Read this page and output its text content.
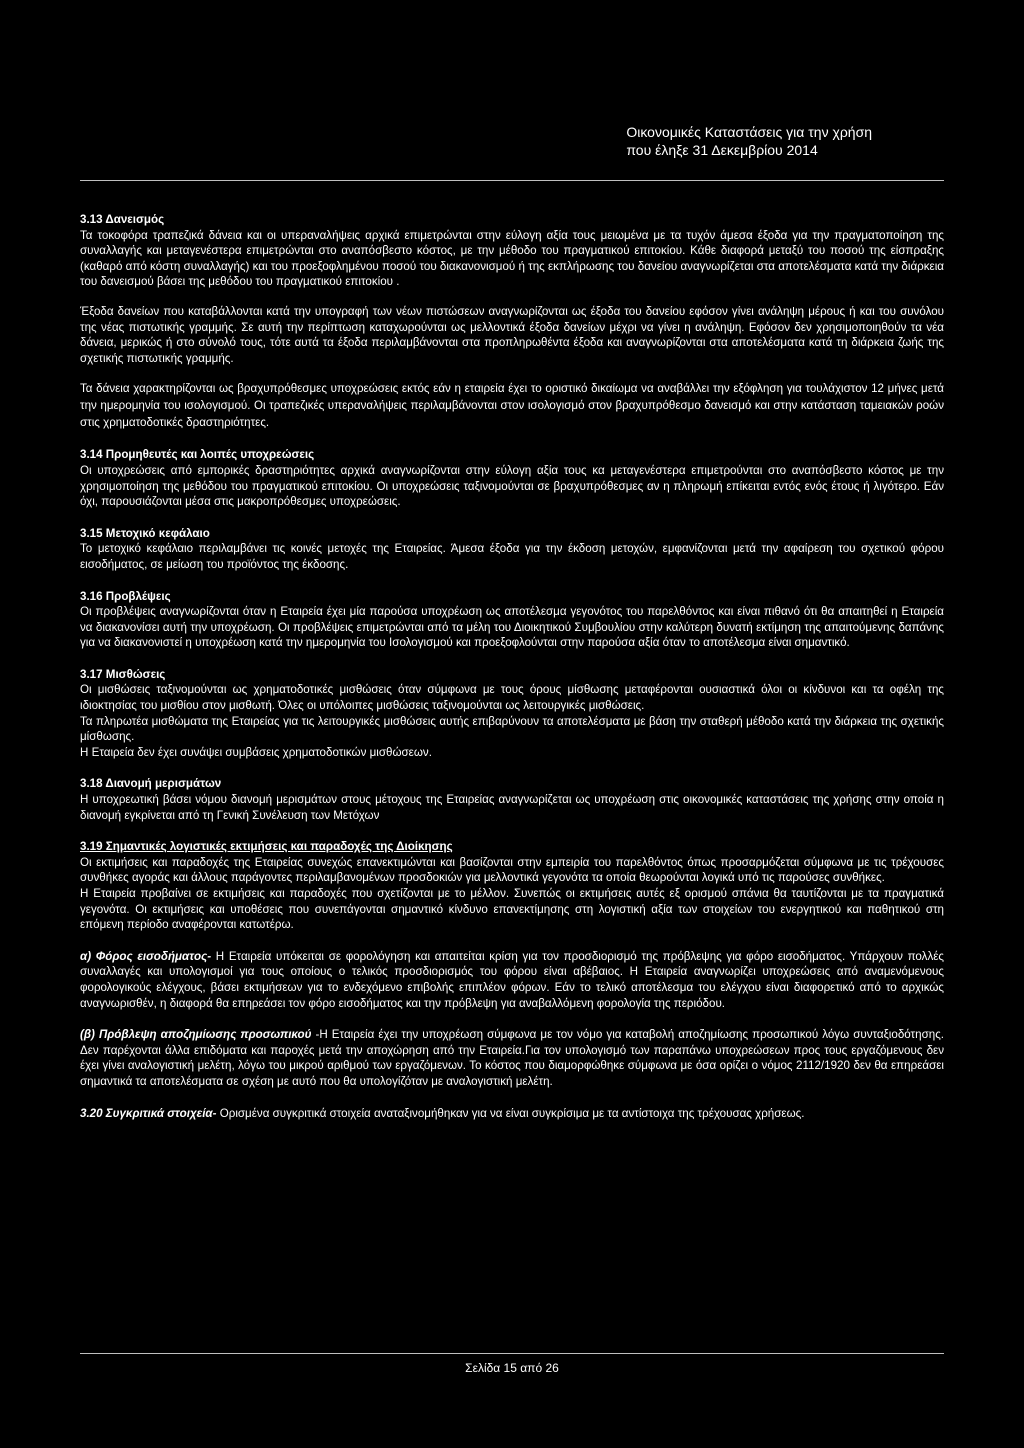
Οικονομικές Καταστάσεις για την χρήση
που έληξε 31 Δεκεμβρίου 2014

3.13 Δανεισμός

Τα τοκοφόρα τραπεζικά δάνεια και οι υπεραναλήψεις αρχικά επιμετρώνται στην εύλογη αξία τους μειωμένα με τα τυχόν άμεσα έξοδα για την πραγματοποίηση της συναλλαγής και μεταγενέστερα επιμετρώνται στο αναπόσβεστο κόστος, με την μέθοδο του πραγματικού επιτοκίου. Κάθε διαφορά μεταξύ του ποσού της είσπραξης (καθαρό από κόστη συναλλαγής) και του προεξοφλημένου ποσού του διακανονισμού ή της εκπλήρωσης του δανείου αναγνωρίζεται στα αποτελέσματα κατά την διάρκεια του δανεισμού βάσει της μεθόδου του πραγματικού επιτοκίου .

Έξοδα δανείων που καταβάλλονται κατά την υπογραφή των νέων πιστώσεων αναγνωρίζονται ως έξοδα του δανείου εφόσον γίνει ανάληψη μέρους ή και του συνόλου της νέας πιστωτικής γραμμής. Σε αυτή την περίπτωση καταχωρούνται ως μελλοντικά έξοδα δανείων μέχρι να γίνει η ανάληψη. Εφόσον δεν χρησιμοποιηθούν τα νέα δάνεια, μερικώς ή στο σύνολό τους, τότε αυτά τα έξοδα περιλαμβάνονται στα προπληρωθέντα έξοδα και αναγνωρίζονται στα αποτελέσματα κατά τη διάρκεια ζωής της σχετικής πιστωτικής γραμμής.

Τα δάνεια χαρακτηρίζονται ως βραχυπρόθεσμες υποχρεώσεις εκτός εάν η εταιρεία έχει το οριστικό δικαίωμα να αναβάλλει την εξόφληση για τουλάχιστον 12 μήνες μετά την ημερομηνία του ισολογισμού. Οι τραπεζικές υπεραναλήψεις περιλαμβάνονται στον ισολογισμό στον βραχυπρόθεσμο δανεισμό και στην κατάσταση ταμειακών ροών στις χρηματοδοτικές δραστηριότητες.

3.14 Προμηθευτές και λοιπές υποχρεώσεις

Οι υποχρεώσεις από εμπορικές δραστηριότητες αρχικά αναγνωρίζονται στην εύλογη αξία τους κα μεταγενέστερα επιμετρούνται στο αναπόσβεστο κόστος με την χρησιμοποίηση της μεθόδου του πραγματικού επιτοκίου. Οι υποχρεώσεις ταξινομούνται σε βραχυπρόθεσμες αν η πληρωμή επίκειται εντός ενός έτους ή λιγότερο. Εάν όχι, παρουσιάζονται μέσα στις μακροπρόθεσμες υποχρεώσεις.

3.15 Μετοχικό κεφάλαιο

Το μετοχικό κεφάλαιο περιλαμβάνει τις κοινές μετοχές της Εταιρείας. Άμεσα έξοδα για την έκδοση μετοχών, εμφανίζονται μετά την αφαίρεση του σχετικού φόρου εισοδήματος, σε μείωση του προϊόντος της έκδοσης.

3.16 Προβλέψεις

Οι προβλέψεις αναγνωρίζονται όταν η Εταιρεία έχει μία παρούσα υποχρέωση ως αποτέλεσμα γεγονότος του παρελθόντος και είναι πιθανό ότι θα απαιτηθεί η Εταιρεία να διακανονίσει αυτή την υποχρέωση. Οι προβλέψεις επιμετρώνται από τα μέλη του Διοικητικού Συμβουλίου στην καλύτερη δυνατή εκτίμηση της απαιτούμενης δαπάνης για να διακανονιστεί η υποχρέωση κατά την ημερομηνία του Ισολογισμού και προεξοφλούνται στην παρούσα αξία όταν το αποτέλεσμα είναι σημαντικό.

3.17 Μισθώσεις

Οι μισθώσεις ταξινομούνται ως χρηματοδοτικές μισθώσεις όταν σύμφωνα με τους όρους μίσθωσης μεταφέρονται ουσιαστικά όλοι οι κίνδυνοι και τα οφέλη της ιδιοκτησίας του μισθίου στον μισθωτή. Όλες οι υπόλοιπες μισθώσεις ταξινομούνται ως λειτουργικές μισθώσεις.

Τα πληρωτέα μισθώματα της Εταιρείας για τις λειτουργικές μισθώσεις αυτής επιβαρύνουν τα αποτελέσματα με βάση την σταθερή μέθοδο κατά την διάρκεια της σχετικής μίσθωσης.

Η Εταιρεία δεν έχει συνάψει συμβάσεις χρηματοδοτικών μισθώσεων.

3.18 Διανομή μερισμάτων

Η υποχρεωτική βάσει νόμου διανομή μερισμάτων στους μέτοχους της Εταιρείας αναγνωρίζεται ως υποχρέωση στις οικονομικές καταστάσεις της χρήσης στην οποία η διανομή εγκρίνεται από τη Γενική Συνέλευση των Μετόχων

3.19 Σημαντικές λογιστικές εκτιμήσεις και παραδοχές της Διοίκησης

Οι εκτιμήσεις και παραδοχές της Εταιρείας συνεχώς επανεκτιμώνται και βασίζονται στην εμπειρία του παρελθόντος όπως προσαρμόζεται σύμφωνα με τις τρέχουσες συνθήκες αγοράς και άλλους παράγοντες περιλαμβανομένων προσδοκιών για μελλοντικά γεγονότα τα οποία θεωρούνται λογικά υπό τις παρούσες συνθήκες.

Η Εταιρεία προβαίνει σε εκτιμήσεις και παραδοχές που σχετίζονται με το μέλλον. Συνεπώς οι εκτιμήσεις αυτές εξ ορισμού σπάνια θα ταυτίζονται με τα πραγματικά γεγονότα. Οι εκτιμήσεις και υποθέσεις που συνεπάγονται σημαντικό κίνδυνο επανεκτίμησης στη λογιστική αξία των στοιχείων του ενεργητικού και παθητικού στη επόμενη περίοδο αναφέρονται κατωτέρω.

α) Φόρος εισοδήματος- Η Εταιρεία υπόκειται σε φορολόγηση και απαιτείται κρίση για τον προσδιορισμό της πρόβλεψης για φόρο εισοδήματος. Υπάρχουν πολλές συναλλαγές και υπολογισμοί για τους οποίους ο τελικός προσδιορισμός του φόρου είναι αβέβαιος. Η Εταιρεία αναγνωρίζει υποχρεώσεις από αναμενόμενους φορολογικούς ελέγχους, βάσει εκτιμήσεων για το ενδεχόμενο επιβολής επιπλέον φόρων. Εάν το τελικό αποτέλεσμα του ελέγχου είναι διαφορετικό από το αρχικώς αναγνωρισθέν, η διαφορά θα επηρεάσει τον φόρο εισοδήματος και την πρόβλεψη για αναβαλλόμενη φορολογία της περιόδου.

(β) Πρόβλεψη αποζημίωσης προσωπικού -Η Εταιρεία έχει την υποχρέωση σύμφωνα με τον νόμο για καταβολή αποζημίωσης προσωπικού λόγω συνταξιοδότησης. Δεν παρέχονται άλλα επιδόματα και παροχές μετά την αποχώρηση από την Εταιρεία.Για τον υπολογισμό των παραπάνω υποχρεώσεων προς τους εργαζόμενους δεν έχει γίνει αναλογιστική μελέτη, λόγω του μικρού αριθμού των εργαζόμενων. Το κόστος που διαμορφώθηκε σύμφωνα με όσα ορίζει ο νόμος 2112/1920 δεν θα επηρεάσει σημαντικά τα αποτελέσματα σε σχέση με αυτό που θα υπολογίζόταν με αναλογιστική μελέτη.

3.20 Συγκριτικά στοιχεία- Ορισμένα συγκριτικά στοιχεία αναταξινομήθηκαν για να είναι συγκρίσιμα με τα αντίστοιχα της τρέχουσας χρήσεως.

Σελίδα 15 από 26
